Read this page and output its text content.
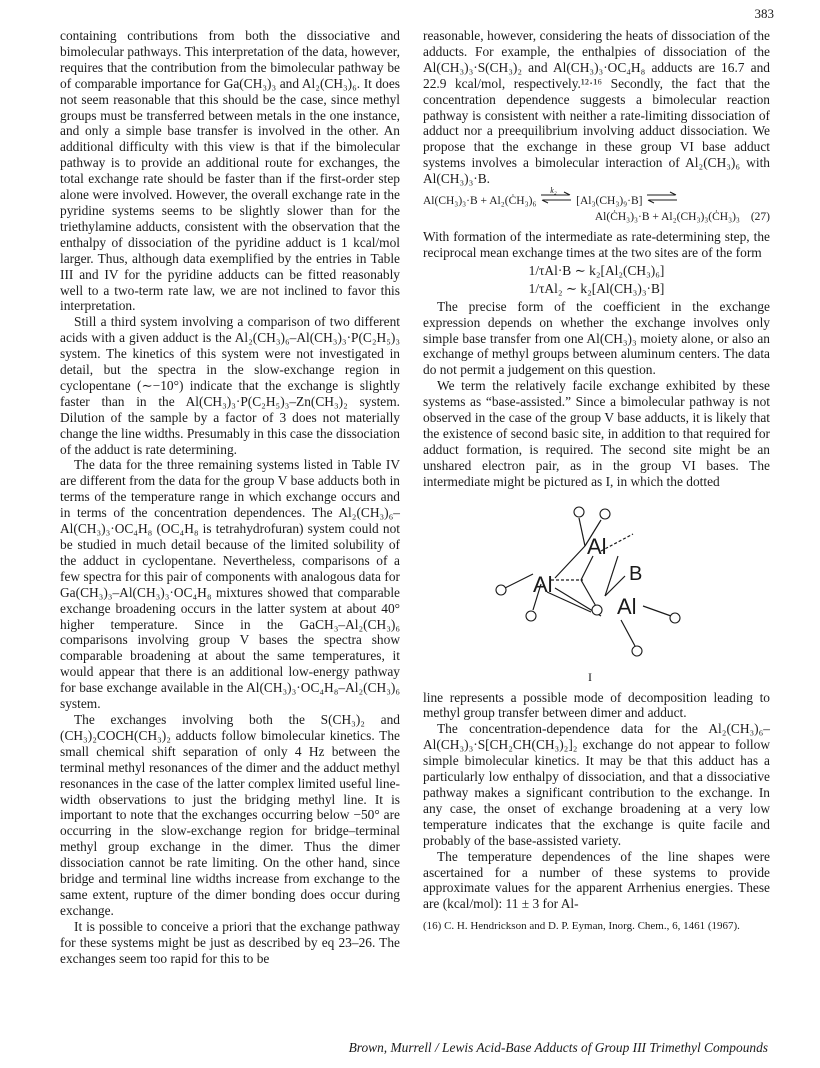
383

containing contributions from both the dissociative and bimolecular pathways. This interpretation of the data, however, requires that the contribution from the bimolecular pathway be of comparable importance for Ga(CH₃)₃ and Al₂(CH₃)₆. It does not seem reasonable that this should be the case, since methyl groups must be transferred between metals in the one instance, and only a simple base transfer is involved in the other. An additional difficulty with this view is that if the bimolecular pathway is to provide an additional route for exchanges, the total exchange rate should be faster than if the first-order step alone were involved. However, the overall exchange rate in the pyridine systems seems to be slightly slower than for the triethylamine adducts, consistent with the observation that the enthalpy of dissociation of the pyridine adduct is 1 kcal/mol larger. Thus, although data exemplified by the entries in Table III and IV for the pyridine adducts can be fitted reasonably well to a two-term rate law, we are not inclined to favor this interpretation.

Still a third system involving a comparison of two different acids with a given adduct is the Al₂(CH₃)₆–Al(CH₃)₃·P(C₂H₅)₃ system. The kinetics of this system were not investigated in detail, but the spectra in the slow-exchange region in cyclopentane (∼−10°) indicate that the exchange is slightly faster than in the Al(CH₃)₃·P(C₂H₅)₃–Zn(CH₃)₂ system. Dilution of the sample by a factor of 3 does not materially change the line widths. Presumably in this case the dissociation of the adduct is rate determining.

The data for the three remaining systems listed in Table IV are different from the data for the group V base adducts both in terms of the temperature range in which exchange occurs and in terms of the concentration dependences. The Al₂(CH₃)₆–Al(CH₃)₃·OC₄H₈ (OC₄H₈ is tetrahydrofuran) system could not be studied in much detail because of the limited solubility of the adduct in cyclopentane. Nevertheless, comparisons of a few spectra for this pair of components with analogous data for Ga(CH₃)₃–Al(CH₃)₃·OC₄H₈ mixtures showed that comparable exchange broadening occurs in the latter system at about 40° higher temperature. Since in the GaCH₃–Al₂(CH₃)₆ comparisons involving group V bases the spectra show comparable broadening at about the same temperatures, it would appear that there is an additional low-energy pathway for base exchange available in the Al(CH₃)₃·OC₄H₈–Al₂(CH₃)₆ system.

The exchanges involving both the S(CH₃)₂ and (CH₃)₂COCH(CH₃)₂ adducts follow bimolecular kinetics. The small chemical shift separation of only 4 Hz between the terminal methyl resonances of the dimer and the adduct methyl resonances in the case of the latter complex limited useful line-width observations to just the bridging methyl line. It is important to note that the exchanges occurring below −50° are occurring in the slow-exchange region for bridge–terminal methyl group exchange in the dimer. Thus the dimer dissociation cannot be rate limiting. On the other hand, since bridge and terminal line widths increase from exchange to the same extent, rupture of the dimer bonding does occur during exchange.

It is possible to conceive a priori that the exchange pathway for these systems might be just as described by eq 23–26. The exchanges seem too rapid for this to be

reasonable, however, considering the heats of dissociation of the adducts. For example, the enthalpies of dissociation of the Al(CH₃)₃·S(CH₃)₂ and Al(CH₃)₃·OC₄H₈ adducts are 16.7 and 22.9 kcal/mol, respectively.¹²·¹⁶ Secondly, the fact that the concentration dependence suggests a bimolecular reaction pathway is consistent with neither a rate-limiting dissociation of adduct nor a preequilibrium involving adduct dissociation. We propose that the exchange in these group VI base adduct systems involves a bimolecular interaction of Al₂(CH₃)₆ with Al(CH₃)₃·B.

Al(CH₃)₃·B + Al₂(ĊH₃)₆
k₂
[Al₃(CH₃)₉·B] ⇌
Al(ĊH₃)₃·B + Al₂(CH₃)₃(ĊH₃)₃ (27)

With formation of the intermediate as rate-determining step, the reciprocal mean exchange times at the two sites are of the form

1/τAl·B ∼ k₂[Al₂(CH₃)₆]
1/τAl₂ ∼ k₂[Al(CH₃)₃·B]

The precise form of the coefficient in the exchange expression depends on whether the exchange involves only simple base transfer from one Al(CH₃)₃ moiety alone, or also an exchange of methyl groups between aluminum centers. The data do not permit a judgement on this question.

We term the relatively facile exchange exhibited by these systems as “base-assisted.” Since a bimolecular pathway is not observed in the case of the group V base adducts, it is likely that the existence of second basic site, in addition to that required for adduct formation, is required. The second site might be an unshared electron pair, as in the group VI bases. The intermediate might be pictured as I, in which the dotted

Al
Al
Al
B
I

line represents a possible mode of decomposition leading to methyl group transfer between dimer and adduct.

The concentration-dependence data for the Al₂(CH₃)₆–Al(CH₃)₃·S[CH₂CH(CH₃)₂]₂ exchange do not appear to follow simple bimolecular kinetics. It may be that this adduct has a particularly low enthalpy of dissociation, and that a dissociative pathway makes a significant contribution to the exchange. In any case, the onset of exchange broadening at a very low temperature indicates that the exchange is quite facile and probably of the base-assisted variety.

The temperature dependences of the line shapes were ascertained for a number of these systems to provide approximate values for the apparent Arrhenius energies. These are (kcal/mol): 11 ± 3 for Al-

(16) C. H. Hendrickson and D. P. Eyman, Inorg. Chem., 6, 1461 (1967).
Brown, Murrell / Lewis Acid-Base Adducts of Group III Trimethyl Compounds
